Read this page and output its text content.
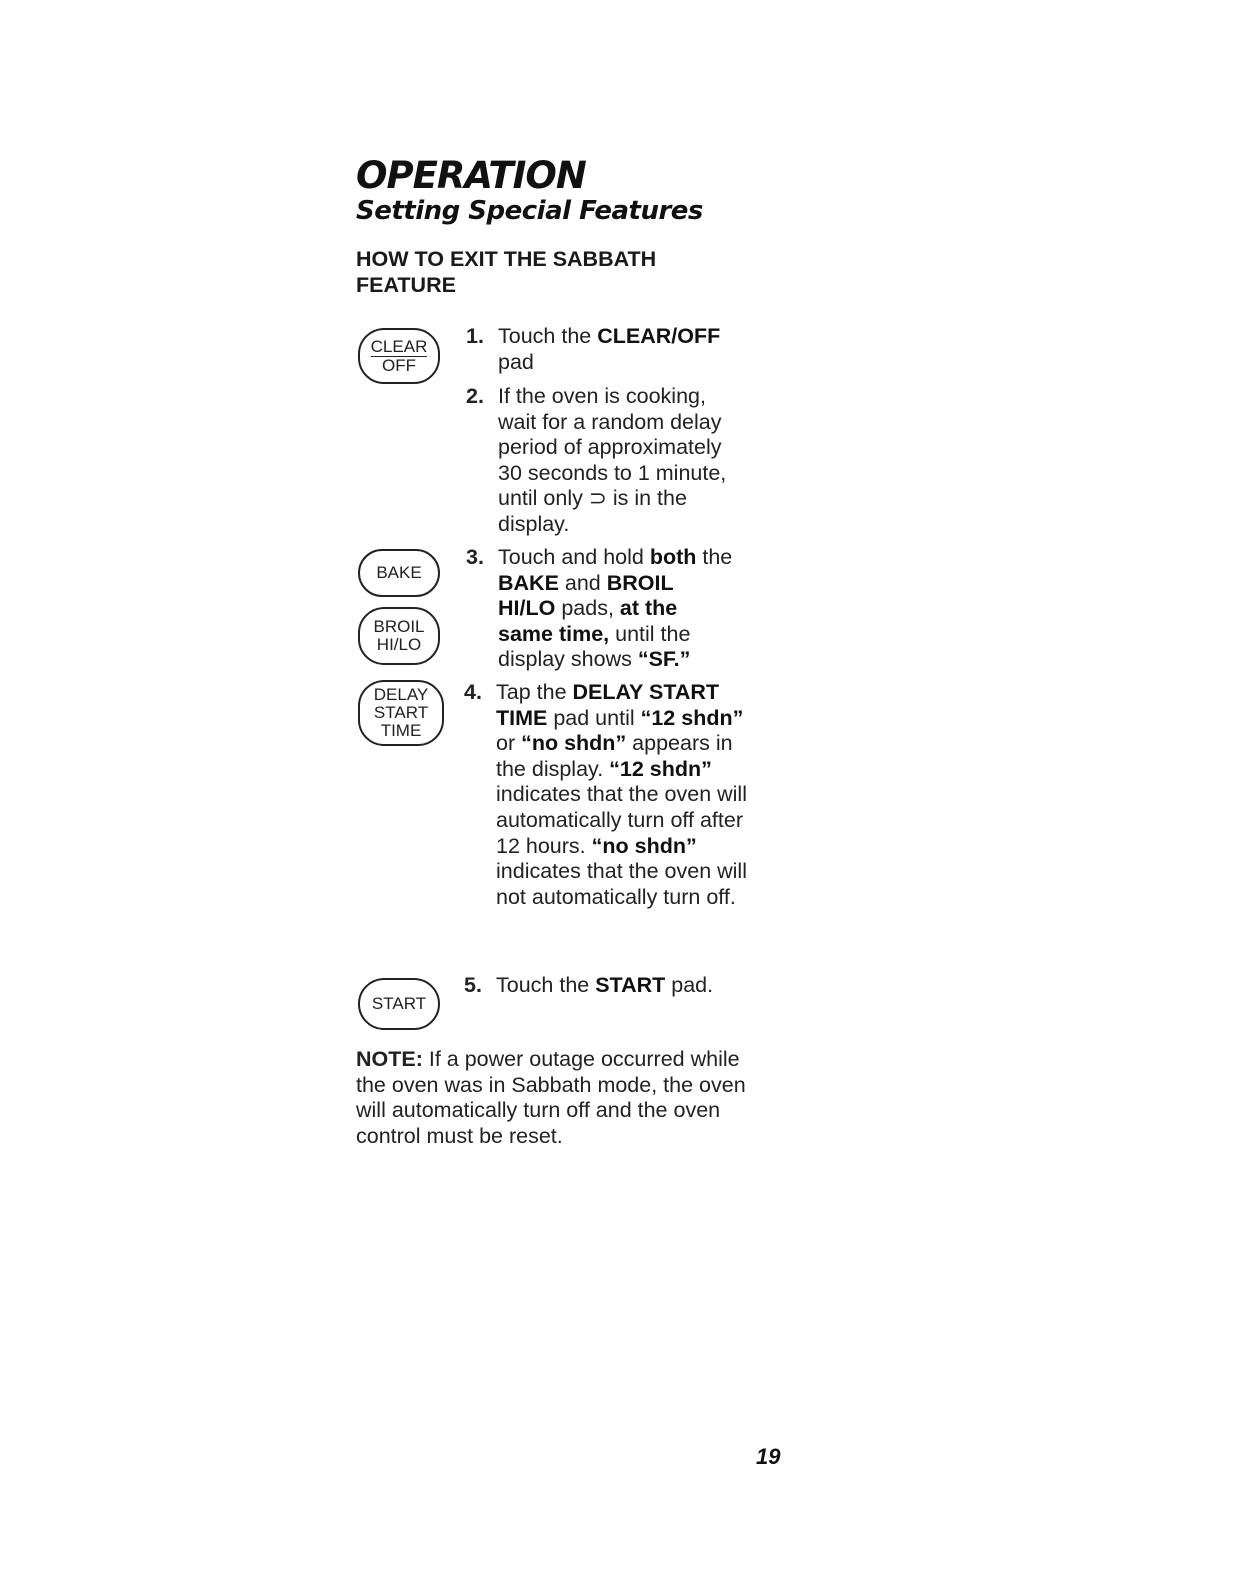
OPERATION
Setting Special Features
HOW TO EXIT THE SABBATH FEATURE
CLEAR
OFF
BAKE
BROIL
HI/LO
DELAY
START
TIME
START
1. Touch the CLEAR/OFF pad
2. If the oven is cooking, wait for a random delay period of approximately 30 seconds to 1 minute, until only ⊃ is in the display.
3. Touch and hold both the BAKE and BROIL HI/LO pads, at the same time, until the display shows “SF.”
4. Tap the DELAY START TIME pad until “12 shdn” or “no shdn” appears in the display. “12 shdn” indicates that the oven will automatically turn off after 12 hours. “no shdn” indicates that the oven will not automatically turn off.
5. Touch the START pad.

NOTE: If a power outage occurred while the oven was in Sabbath mode, the oven will automatically turn off and the oven control must be reset.

19
